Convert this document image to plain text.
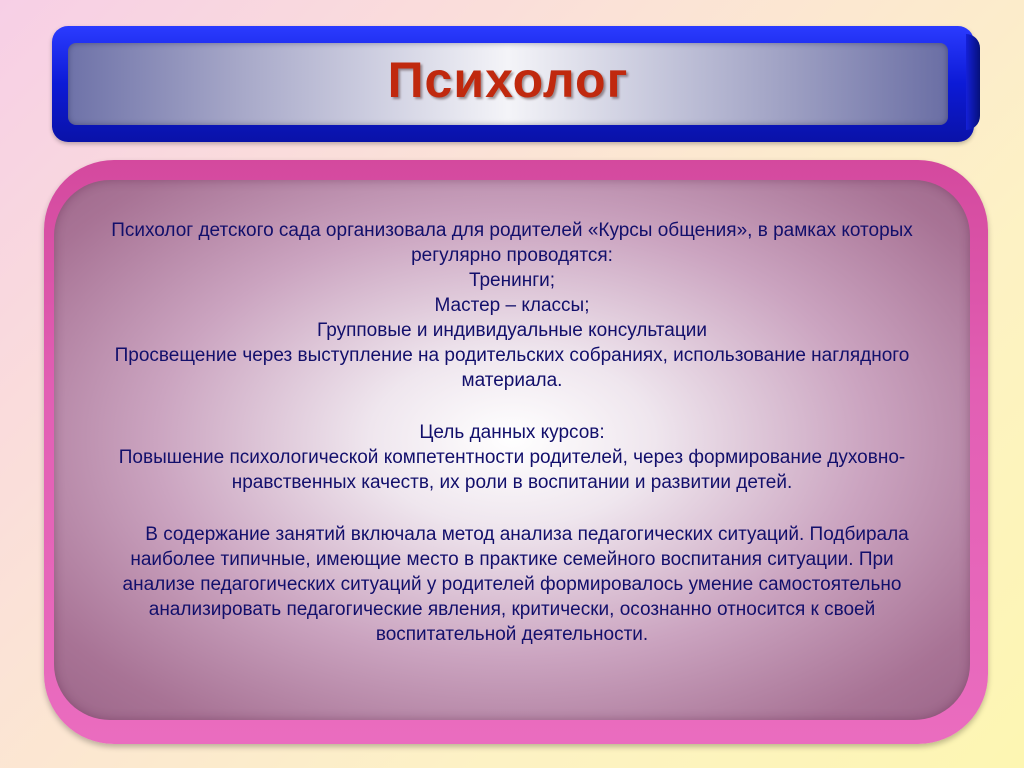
Психолог

Психолог детского сада организовала для родителей «Курсы общения», в рамках которых регулярно проводятся:

Тренинги;

Мастер – классы;

Групповые и индивидуальные консультации

Просвещение через выступление на родительских собраниях, использование наглядного материала.

Цель данных курсов:

Повышение психологической компетентности родителей, через формирование духовно-нравственных качеств, их роли в воспитании и развитии детей.

В содержание занятий включала метод анализа педагогических ситуаций. Подбирала наиболее типичные, имеющие место в практике семейного воспитания ситуации. При анализе педагогических ситуаций у родителей формировалось умение самостоятельно анализировать педагогические явления, критически, осознанно относится к своей воспитательной деятельности.
